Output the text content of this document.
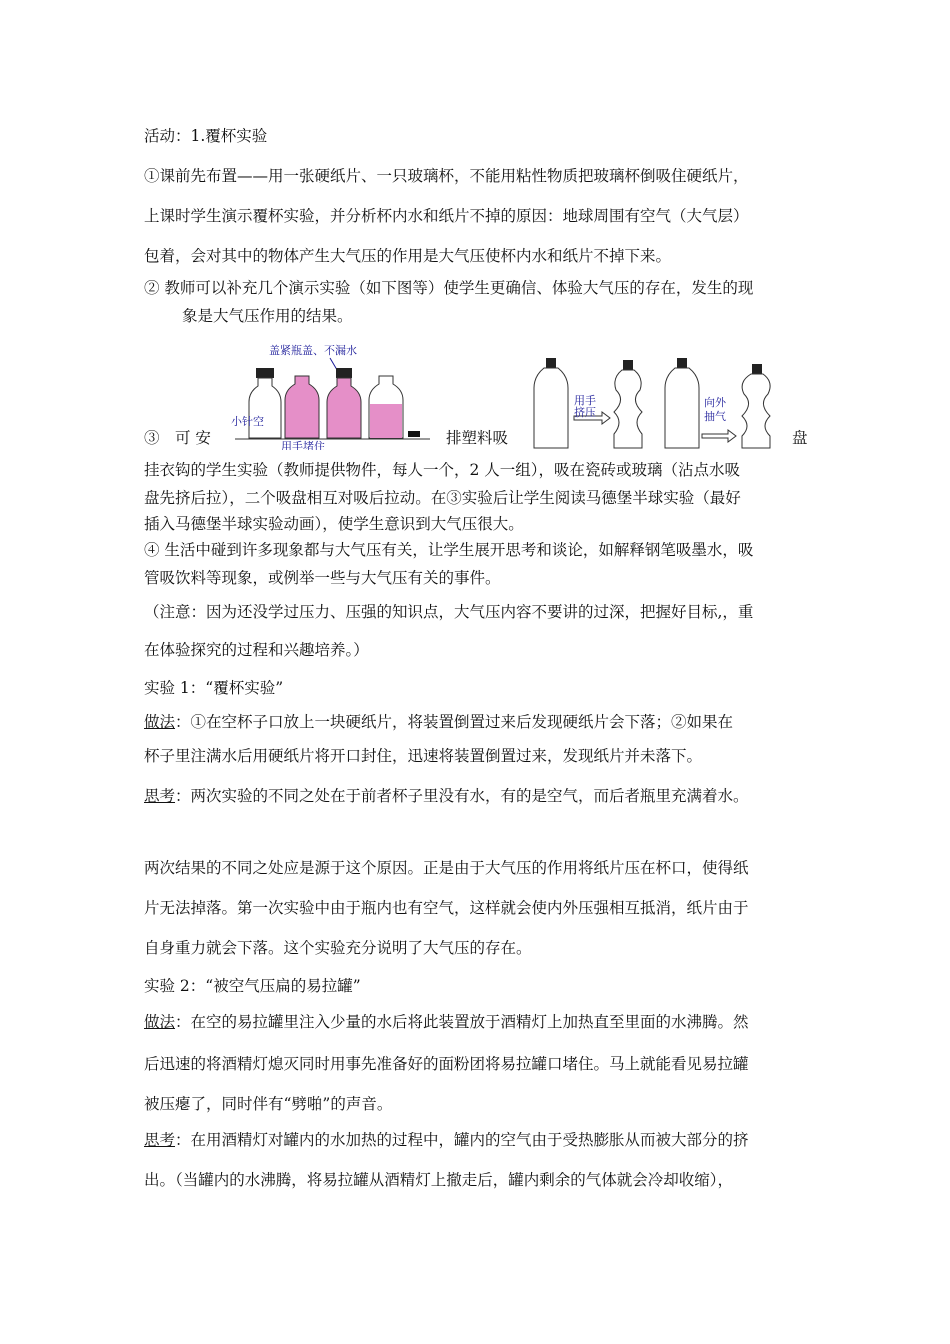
活动：1.覆杯实验
①课前先布置——用一张硬纸片、一只玻璃杯，不能用粘性物质把玻璃杯倒吸住硬纸片，
上课时学生演示覆杯实验，并分析杯内水和纸片不掉的原因：地球周围有空气（大气层）
包着，会对其中的物体产生大气压的作用是大气压使杯内水和纸片不掉下来。
② 教师可以补充几个演示实验（如下图等）使学生更确信、体验大气压的存在，发生的现
象是大气压作用的结果。
盖紧瓶盖、不漏水
小针空
用手堵住
③　可 安	排塑料吸	盘
用手
挤压
向外
抽气
挂衣钩的学生实验（教师提供物件，每人一个，2 人一组），吸在瓷砖或玻璃（沾点水吸
盘先挤后拉），二个吸盘相互对吸后拉动。在③实验后让学生阅读马德堡半球实验（最好
插入马德堡半球实验动画），使学生意识到大气压很大。
④ 生活中碰到许多现象都与大气压有关，让学生展开思考和谈论，如解释钢笔吸墨水，吸
管吸饮料等现象，或例举一些与大气压有关的事件。
（注意：因为还没学过压力、压强的知识点，大气压内容不要讲的过深，把握好目标,，重
在体验探究的过程和兴趣培养。）
实验 1：“覆杯实验”
做法：①在空杯子口放上一块硬纸片，将装置倒置过来后发现硬纸片会下落；②如果在
杯子里注满水后用硬纸片将开口封住，迅速将装置倒置过来，发现纸片并未落下。
思考：两次实验的不同之处在于前者杯子里没有水，有的是空气，而后者瓶里充满着水。
两次结果的不同之处应是源于这个原因。正是由于大气压的作用将纸片压在杯口，使得纸
片无法掉落。第一次实验中由于瓶内也有空气，这样就会使内外压强相互抵消，纸片由于
自身重力就会下落。这个实验充分说明了大气压的存在。
实验 2：“被空气压扁的易拉罐”
做法：在空的易拉罐里注入少量的水后将此装置放于酒精灯上加热直至里面的水沸腾。然
后迅速的将酒精灯熄灭同时用事先准备好的面粉团将易拉罐口堵住。马上就能看见易拉罐
被压瘪了，同时伴有“劈啪”的声音。
思考：在用酒精灯对罐内的水加热的过程中，罐内的空气由于受热膨胀从而被大部分的挤
出。（当罐内的水沸腾，将易拉罐从酒精灯上撤走后，罐内剩余的气体就会冷却收缩），
